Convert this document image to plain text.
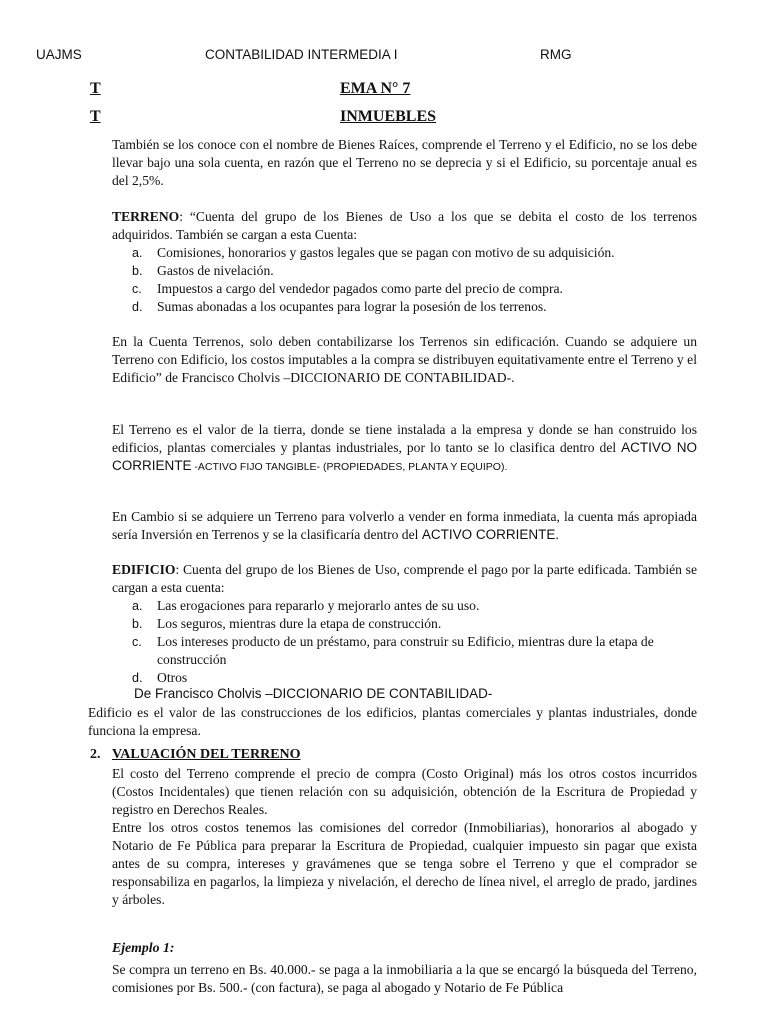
UAJMS	CONTABILIDAD INTERMEDIA I	RMG
T	EMA N° 7
T	INMUEBLES
También se los conoce con el nombre de Bienes Raíces, comprende el Terreno y el Edificio, no se los debe llevar bajo una sola cuenta, en razón que el Terreno no se deprecia y si el Edificio, su porcentaje anual es del 2,5%.
TERRENO: “Cuenta del grupo de los Bienes de Uso a los que se debita el costo de los terrenos adquiridos. También se cargan a esta Cuenta:
a. Comisiones, honorarios y gastos legales que se pagan con motivo de su adquisición.
b. Gastos de nivelación.
c. Impuestos a cargo del vendedor pagados como parte del precio de compra.
d. Sumas abonadas a los ocupantes para lograr la posesión de los terrenos.
En la Cuenta Terrenos, solo deben contabilizarse los Terrenos sin edificación. Cuando se adquiere un Terreno con Edificio, los costos imputables a la compra se distribuyen equitativamente entre el Terreno y el Edificio” de Francisco Cholvis –DICCIONARIO DE CONTABILIDAD-.
El Terreno es el valor de la tierra, donde se tiene instalada a la empresa y donde se han construido los edificios, plantas comerciales y plantas industriales, por lo tanto se lo clasifica dentro del ACTIVO NO CORRIENTE -ACTIVO FIJO TANGIBLE- (PROPIEDADES, PLANTA Y EQUIPO).
En Cambio si se adquiere un Terreno para volverlo a vender en forma inmediata, la cuenta más apropiada sería Inversión en Terrenos y se la clasificaría dentro del ACTIVO CORRIENTE.
EDIFICIO: Cuenta del grupo de los Bienes de Uso, comprende el pago por la parte edificada. También se cargan a esta cuenta:
a. Las erogaciones para repararlo y mejorarlo antes de su uso.
b. Los seguros, mientras dure la etapa de construcción.
c. Los intereses producto de un préstamo, para construir su Edificio, mientras dure la etapa de construcción
d. Otros
De Francisco Cholvis –DICCIONARIO DE CONTABILIDAD-
Edificio es el valor de las construcciones de los edificios, plantas comerciales y plantas industriales, donde funciona la empresa.
2. VALUACIÓN DEL TERRENO
El costo del Terreno comprende el precio de compra (Costo Original) más los otros costos incurridos (Costos Incidentales) que tienen relación con su adquisición, obtención de la Escritura de Propiedad y registro en Derechos Reales.
Entre los otros costos tenemos las comisiones del corredor (Inmobiliarias), honorarios al abogado y Notario de Fe Pública para preparar la Escritura de Propiedad, cualquier impuesto sin pagar que exista antes de su compra, intereses y gravámenes que se tenga sobre el Terreno y que el comprador se responsabiliza en pagarlos, la limpieza y nivelación, el derecho de línea nivel, el arreglo de prado, jardines y árboles.
Ejemplo 1:
Se compra un terreno en Bs. 40.000.- se paga a la inmobiliaria a la que se encargó la búsqueda del Terreno, comisiones por Bs. 500.- (con factura), se paga al abogado y Notario de Fe Pública
